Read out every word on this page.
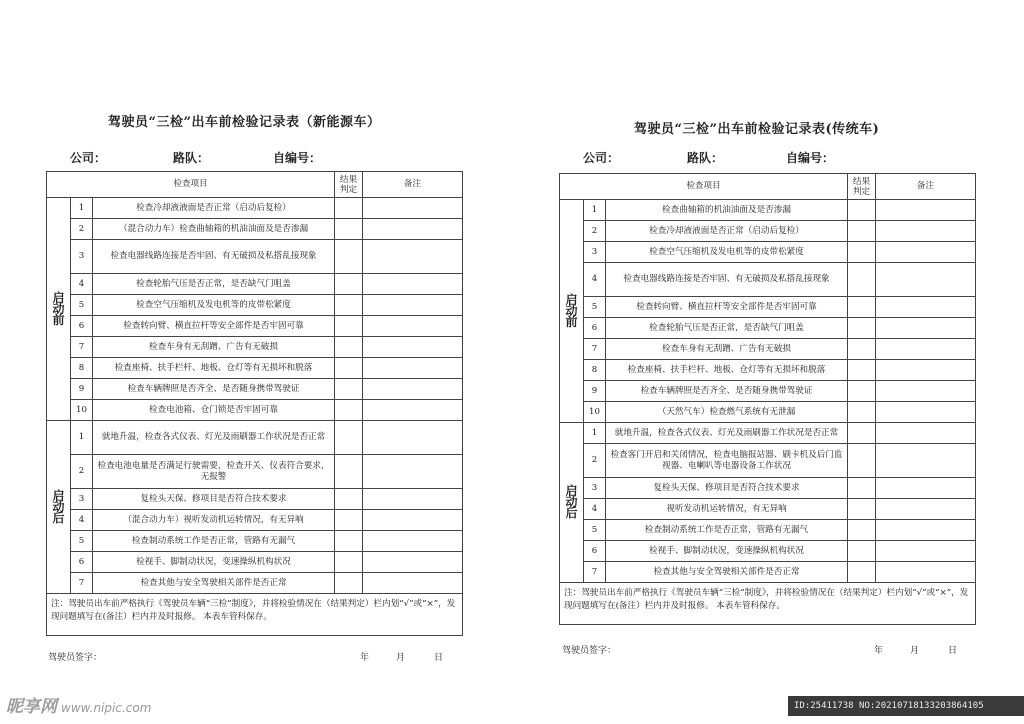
驾驶员“三检”出车前检验记录表（新能源车）
公司：	路队：	自编号：
检查项目			结果判定	备注

启
动
前	1	检查冷却液液面是否正常（启动后复检）		
	2	（混合动力车）检查曲轴箱的机油油面及是否渗漏		
	3	检查电器线路连接是否牢固、有无破损及私搭乱接现象		
	4	检查轮胎气压是否正常，是否缺气门咀盖		
	5	检查空气压缩机及发电机等的皮带松紧度		
	6	检查转向臂、横直拉杆等安全部件是否牢固可靠		
	7	检查车身有无刮蹭、广告有无破损		
	8	检查座椅、扶手栏杆、地板、仓灯等有无损坏和脱落		
	9	检查车辆牌照是否齐全、是否随身携带驾驶证		
	10	检查电池箱、仓门锁是否牢固可靠		

启
动
后	1	就地升温，检查各式仪表、灯光及雨刷器工作状况是否正常		
	2	检查电池电量是否满足行驶需要，检查开关、仪表符合要求，无报警		
	3	复检头天保、修项目是否符合技术要求		
	4	（混合动力车）视听发动机运转情况，有无异响		
	5	检查制动系统工作是否正常，管路有无漏气		
	6	检视手、脚制动状况，变速操纵机构状况		
	7	检查其他与安全驾驶相关部件是否正常		
注：驾驶员出车前严格执行《驾驶员车辆“三检”制度》，并将检验情况在（结果判定）栏内划“√”或“×”，发现问题填写在(备注）栏内并及时报修。 本表车管科保存。				
驾驶员签字：	年	月	日
驾驶员“三检”出车前检验记录表(传统车)
公司：	路队：	自编号：
检查项目			结果判定	备注

启
动
前	1	检查曲轴箱的机油油面及是否渗漏		
	2	检查冷却液液面是否正常（启动后复检）		
	3	检查空气压缩机及发电机等的皮带松紧度		
	4	检查电器线路连接是否牢固、有无破损及私搭乱接现象		
	5	检查转向臂、横直拉杆等安全部件是否牢固可靠		
	6	检查轮胎气压是否正常，是否缺气门咀盖		
	7	检查车身有无刮蹭、广告有无破损		
	8	检查座椅、扶手栏杆、地板、仓灯等有无损坏和脱落		
	9	检查车辆牌照是否齐全、是否随身携带驾驶证		
	10	（天然气车）检查燃气系统有无泄漏		

启
动
后	1	就地升温，检查各式仪表、灯光及雨刷器工作状况是否正常		
	2	检查客门开启和关闭情况，检查电脑报站器、刷卡机及后门监视器、电喇叭等电器设备工作状况		
	3	复检头天保、修项目是否符合技术要求		
	4	视听发动机运转情况，有无异响		
	5	检查制动系统工作是否正常，管路有无漏气		
	6	检视手、脚制动状况，变速操纵机构状况		
	7	检查其他与安全驾驶相关部件是否正常		
注：驾驶员出车前严格执行《驾驶员车辆“三检”制度》，并将检验情况在（结果判定）栏内划“√”或“×”，发现问题填写在(备注）栏内并及时报修。 本表车管科保存。				
驾驶员签字：	年	月	日
昵享网 www.nipic.com	ID:25411738 NO:20210718133203864105
